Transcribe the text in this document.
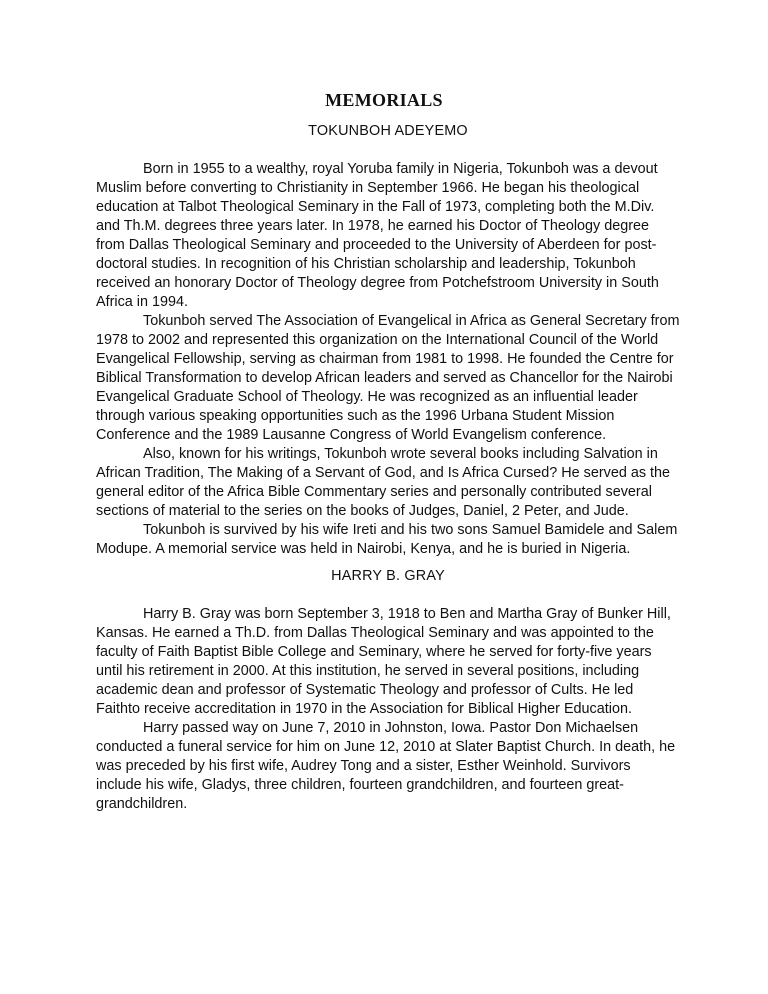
MEMORIALS
TOKUNBOH ADEYEMO

Born in 1955 to a wealthy, royal Yoruba family in Nigeria, Tokunboh was a devout Muslim before converting to Christianity in September 1966. He began his theological education at Talbot Theological Seminary in the Fall of 1973, completing both the M.Div. and Th.M. degrees three years later. In 1978, he earned his Doctor of Theology degree from Dallas Theological Seminary and proceeded to the University of Aberdeen for post-doctoral studies. In recognition of his Christian scholarship and leadership, Tokunboh received an honorary Doctor of Theology degree from Potchefstroom University in South Africa in 1994.

Tokunboh served The Association of Evangelical in Africa as General Secretary from 1978 to 2002 and represented this organization on the International Council of the World Evangelical Fellowship, serving as chairman from 1981 to 1998. He founded the Centre for Biblical Transformation to develop African leaders and served as Chancellor for the Nairobi Evangelical Graduate School of Theology. He was recognized as an influential leader through various speaking opportunities such as the 1996 Urbana Student Mission Conference and the 1989 Lausanne Congress of World Evangelism conference.

Also, known for his writings, Tokunboh wrote several books including Salvation in African Tradition, The Making of a Servant of God, and Is Africa Cursed? He served as the general editor of the Africa Bible Commentary series and personally contributed several sections of material to the series on the books of Judges, Daniel, 2 Peter, and Jude.

Tokunboh is survived by his wife Ireti and his two sons Samuel Bamidele and Salem Modupe. A memorial service was held in Nairobi, Kenya, and he is buried in Nigeria.

HARRY B. GRAY

Harry B. Gray was born September 3, 1918 to Ben and Martha Gray of Bunker Hill, Kansas. He earned a Th.D. from Dallas Theological Seminary and was appointed to the faculty of Faith Baptist Bible College and Seminary, where he served for forty-five years until his retirement in 2000. At this institution, he served in several positions, including academic dean and professor of Systematic Theology and professor of Cults. He led Faithto receive accreditation in 1970 in the Association for Biblical Higher Education.

Harry passed way on June 7, 2010 in Johnston, Iowa. Pastor Don Michaelsen conducted a funeral service for him on June 12, 2010 at Slater Baptist Church. In death, he was preceded by his first wife, Audrey Tong and a sister, Esther Weinhold. Survivors include his wife, Gladys, three children, fourteen grandchildren, and fourteen great-grandchildren.
